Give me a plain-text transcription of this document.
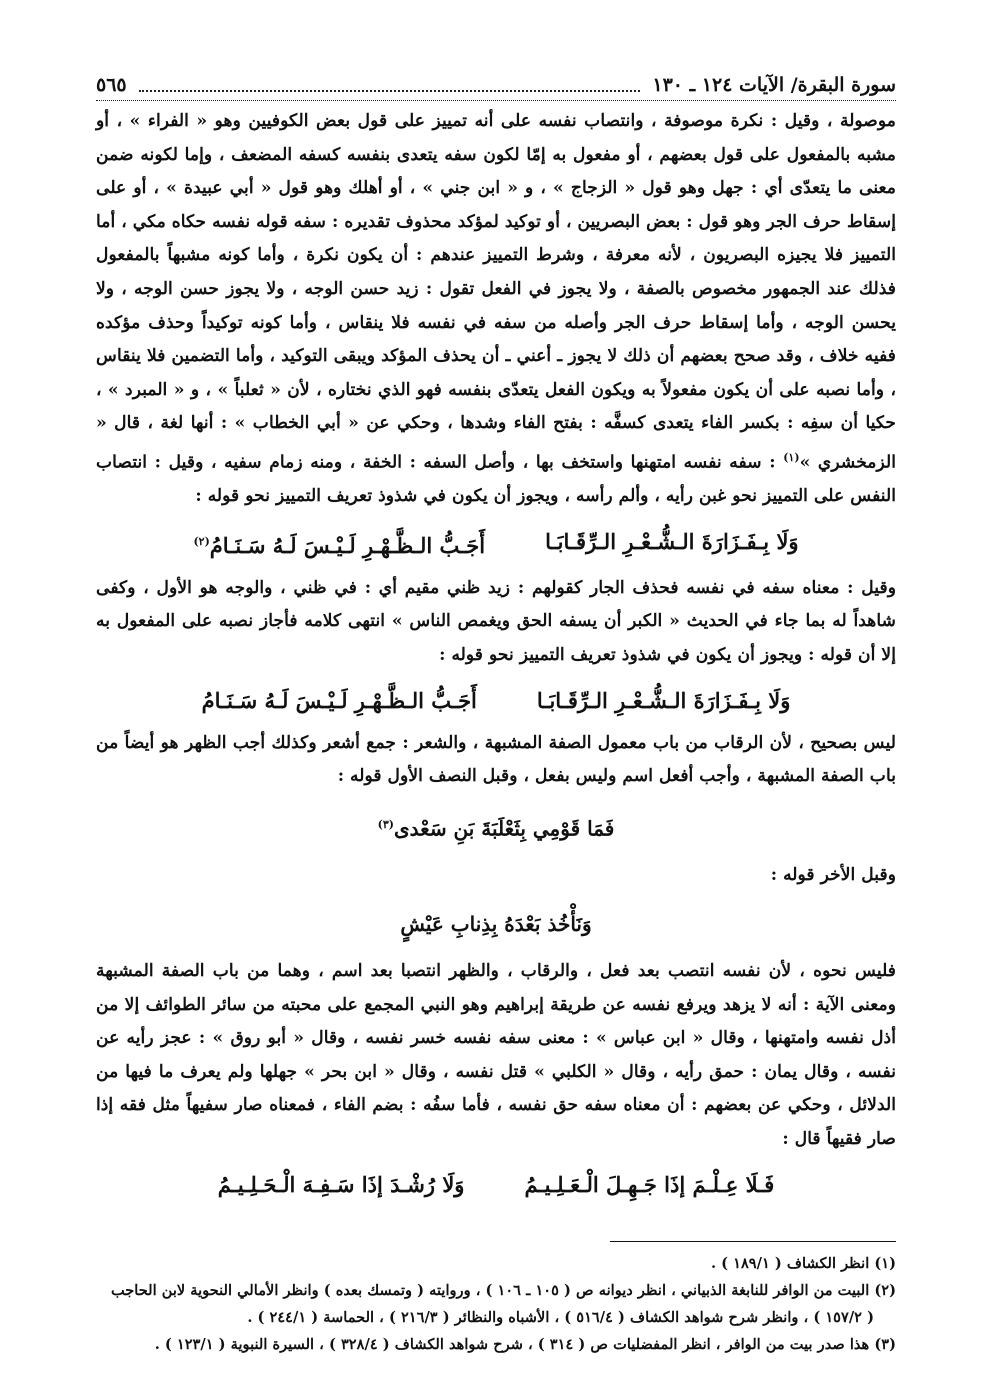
سورة البقرة/ الآيات ١٢٤ ـ ١٣٠
٥٦٥

موصولة ، وقيل : نكرة موصوفة ، وانتصاب نفسه على أنه تمييز على قول بعض الكوفيين وهو « الفراء » ، أو مشبه بالمفعول على قول بعضهم ، أو مفعول به إمّا لكون سفه يتعدى بنفسه كسفه المضعف ، وإما لكونه ضمن معنى ما يتعدّى أي : جهل وهو قول « الزجاج » ، و « ابن جني » ، أو أهلك وهو قول « أبي عبيدة » ، أو على إسقاط حرف الجر وهو قول : بعض البصريين ، أو توكيد لمؤكد محذوف تقديره : سفه قوله نفسه حكاه مكي ، أما التمييز فلا يجيزه البصريون ، لأنه معرفة ، وشرط التمييز عندهم : أن يكون نكرة ، وأما كونه مشبهاً بالمفعول فذلك عند الجمهور مخصوص بالصفة ، ولا يجوز في الفعل تقول : زيد حسن الوجه ، ولا يجوز حسن الوجه ، ولا يحسن الوجه ، وأما إسقاط حرف الجر وأصله من سفه في نفسه فلا ينقاس ، وأما كونه توكيداً وحذف مؤكده ففيه خلاف ، وقد صحح بعضهم أن ذلك لا يجوز ـ أعني ـ أن يحذف المؤكد ويبقى التوكيد ، وأما التضمين فلا ينقاس ، وأما نصبه على أن يكون مفعولاً به ويكون الفعل يتعدّى بنفسه فهو الذي نختاره ، لأن « ثعلباً » ، و « المبرد » ، حكيا أن سفِه : بكسر الفاء يتعدى كسفَّه : بفتح الفاء وشدها ، وحكي عن « أبي الخطاب » : أنها لغة ، قال « الزمخشري »$^{(١)}$ : سفه نفسه امتهنها واستخف بها ، وأصل السفه : الخفة ، ومنه زمام سفيه ، وقيل : انتصاب النفس على التمييز نحو غبن رأيه ، وألم رأسه ، ويجوز أن يكون في شذوذ تعريف التمييز نحو قوله :

وَلَا بِـفَـزَارَةَ الـشُّـعْـرِ الـرِّقَـابَـا
أَجَـبُّ الـظَّـهْـرِ لَـيْـسَ لَـهُ سَـنَـامُ$^{(٢)}$

وقيل : معناه سفه في نفسه فحذف الجار كقولهم : زيد ظني مقيم أي : في ظني ، والوجه هو الأول ، وكفى شاهداً له بما جاء في الحديث « الكبر أن يسفه الحق ويغمص الناس » انتهى كلامه فأجاز نصبه على المفعول به إلا أن قوله : ويجوز أن يكون في شذوذ تعريف التمييز نحو قوله :

وَلَا بِـفَـزَارَةَ الـشُّـعْـرِ الـرِّقَـابَـا
أَجَـبُّ الـظَّـهْـرِ لَـيْـسَ لَـهُ سَـنَـامُ

ليس بصحيح ، لأن الرقاب من باب معمول الصفة المشبهة ، والشعر : جمع أشعر وكذلك أجب الظهر هو أيضاً من باب الصفة المشبهة ، وأجب أفعل اسم وليس بفعل ، وقبل النصف الأول قوله :

فَمَا قَوْمِي بِثَعْلَبَةَ بَنِ سَعْدى$^{(٣)}$

وقبل الأخر قوله :

وَنَأْخُذ بَعْدَهُ بِذِنابِ عَيْشٍ

فليس نحوه ، لأن نفسه انتصب بعد فعل ، والرقاب ، والظهر انتصبا بعد اسم ، وهما من باب الصفة المشبهة ومعنى الآية : أنه لا يزهد ويرفع نفسه عن طريقة إبراهيم وهو النبي المجمع على محبته من سائر الطوائف إلا من أذل نفسه وامتهنها ، وقال « ابن عباس » : معنى سفه نفسه خسر نفسه ، وقال « أبو روق » : عجز رأيه عن نفسه ، وقال يمان : حمق رأيه ، وقال « الكلبي » قتل نفسه ، وقال « ابن بحر » جهلها ولم يعرف ما فيها من الدلائل ، وحكي عن بعضهم : أن معناه سفه حق نفسه ، فأما سفُه : بضم الفاء ، فمعناه صار سفيهاً مثل فقه إذا صار فقيهاً قال :

فَـلَا عِـلْـمَ إذَا جَـهِـلَ الْـعَـلِـيـمُ
وَلَا رُشْـدَ إذَا سَـفِـهَ الْـحَـلِـيـمُ

(١) انظر الكشاف ( ١٨٩/١ ) .

(٢) البيت من الوافر للنابغة الذبياني ، انظر ديوانه ص ( ١٠٥ ـ ١٠٦ ) ، وروايته ( وتمسك بعده ) وانظر الأمالي النحوية لابن الحاجب

( ١٥٧/٢ ) ، وانظر شرح شواهد الكشاف ( ٥١٦/٤ ) ، الأشباه والنظائر ( ٢١٦/٣ ) ، الحماسة ( ٢٤٤/١ ) .

(٣) هذا صدر بيت من الوافر ، انظر المفضليات ص ( ٣١٤ ) ، شرح شواهد الكشاف ( ٣٢٨/٤ ) ، السيرة النبوية ( ١٢٣/١ ) .
